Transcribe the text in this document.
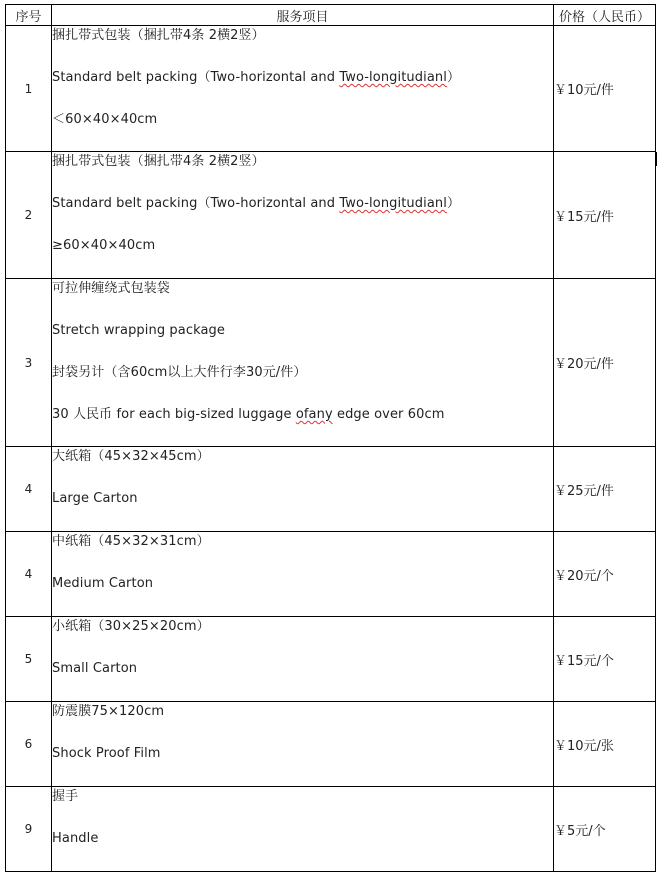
序号	服务项目	价格（人民币）
1	捆扎带式包装（捆扎带4条 2横2竖）
Standard belt packing（Two-horizontal and Two-longitudianl）
＜60×40×40cm	￥10元/件
2	捆扎带式包装（捆扎带4条 2横2竖）
Standard belt packing（Two-horizontal and Two-longitudianl）
≥60×40×40cm	￥15元/件
3	可拉伸缠绕式包装袋
Stretch wrapping package
封袋另计（含60cm以上大件行李30元/件）
30 人民币 for each big-sized luggage ofany edge over 60cm	￥20元/件
4	大纸箱（45×32×45cm）
Large Carton	￥25元/件
4	中纸箱（45×32×31cm）
Medium Carton	￥20元/个
5	小纸箱（30×25×20cm）
Small Carton	￥15元/个
6	防震膜75×120cm
Shock Proof Film	￥10元/张
9	握手
Handle	￥5元/个
